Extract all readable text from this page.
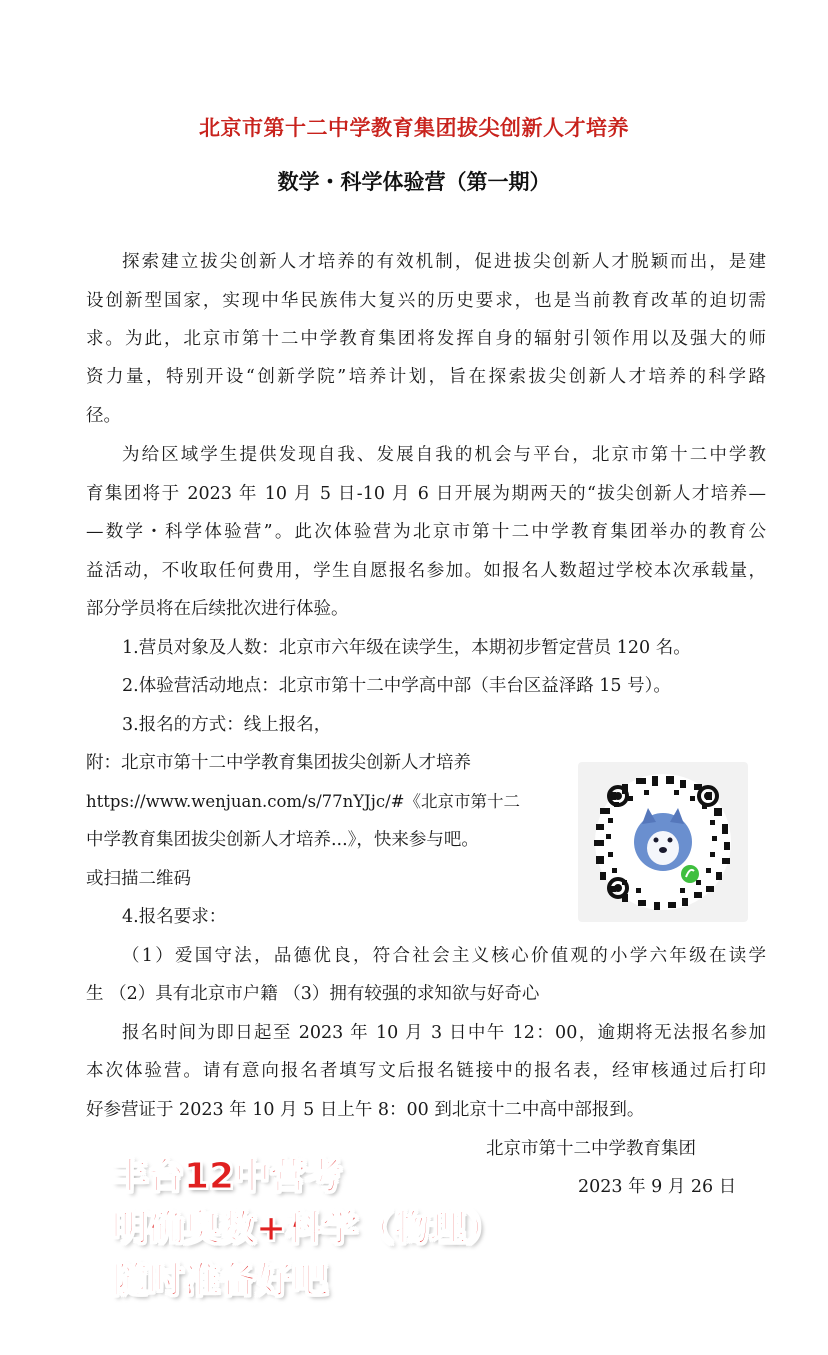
北京市第十二中学教育集团拔尖创新人才培养
数学・科学体验营（第一期）
探索建立拔尖创新人才培养的有效机制，促进拔尖创新人才脱颖而出，是建
设创新型国家，实现中华民族伟大复兴的历史要求，也是当前教育改革的迫切需
求。为此，北京市第十二中学教育集团将发挥自身的辐射引领作用以及强大的师
资力量，特别开设“创新学院”培养计划，旨在探索拔尖创新人才培养的科学路
径。
为给区域学生提供发现自我、发展自我的机会与平台，北京市第十二中学教
育集团将于 2023 年 10 月 5 日-10 月 6 日开展为期两天的“拔尖创新人才培养—
—数学・科学体验营”。此次体验营为北京市第十二中学教育集团举办的教育公
益活动，不收取任何费用，学生自愿报名参加。如报名人数超过学校本次承载量，
部分学员将在后续批次进行体验。
1.营员对象及人数：北京市六年级在读学生，本期初步暂定营员 120 名。
2.体验营活动地点：北京市第十二中学高中部（丰台区益泽路 15 号）。
3.报名的方式：线上报名，
附：北京市第十二中学教育集团拔尖创新人才培养
https://www.wenjuan.com/s/77nYJjc/#《北京市第十二
中学教育集团拔尖创新人才培养...》，快来参与吧。
或扫描二维码
4.报名要求：
（1）爱国守法，品德优良，符合社会主义核心价值观的小学六年级在读学
生 （2）具有北京市户籍 （3）拥有较强的求知欲与好奇心
报名时间为即日起至 2023 年 10 月 3 日中午 12：00，逾期将无法报名参加
本次体验营。请有意向报名者填写文后报名链接中的报名表，经审核通过后打印
好参营证于 2023 年 10 月 5 日上午 8：00 到北京十二中高中部报到。
北京市第十二中学教育集团
2023 年 9 月 26 日
丰台12中营考
明确奥数+科学（物理）
随时准备好吧
